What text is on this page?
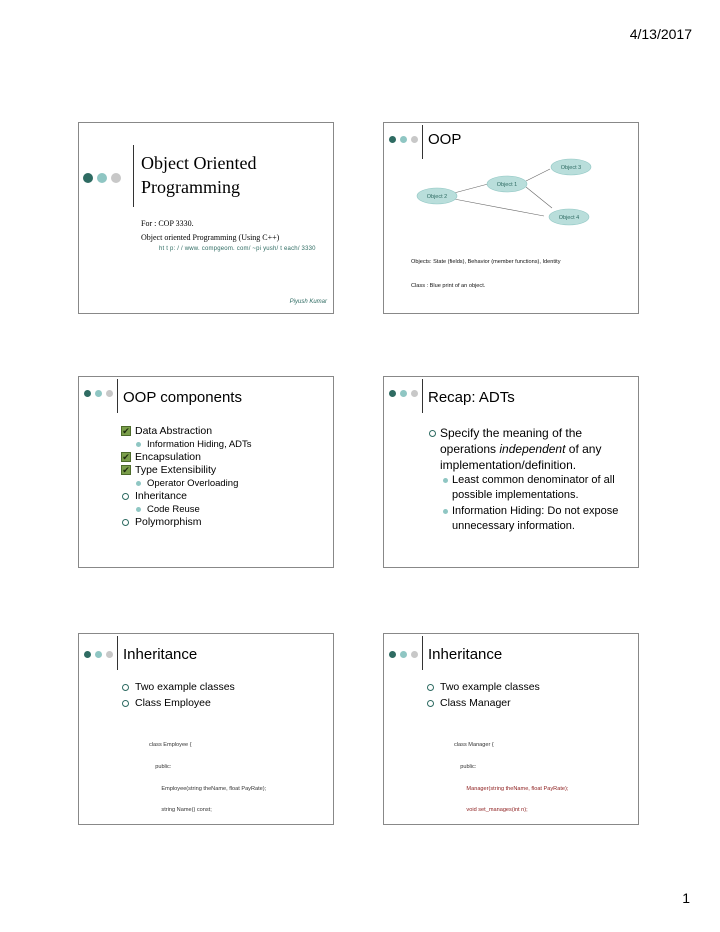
4/13/2017
Object Oriented
Programming
For : COP 3330.
Object oriented Programming (Using C++)
ht t p: / / www. compgeom. com/ ~pi yush/ t each/ 3330
Piyush Kumar
OOP
Object 3
Object 1
Object 2
Object 4

Objects: State (fields), Behavior (member functions), Identity

Class : Blue print of an object.

OOP components
✔ Data Abstraction
Information Hiding, ADTs
✔ Encapsulation
✔ Type Extensibility
Operator Overloading
Inheritance
Code Reuse
Polymorphism
Recap: ADTs
Specify the meaning of the operations independent of any implementation/definition.
Least common denominator of all possible implementations.
Information Hiding: Do not expose unnecessary information.
Inheritance
Two example classes
Class Employee

class Employee {

public:

Employee(string theName, float PayRate);

string Name() const;

Inheritance
Two example classes
Class Manager

class Manager {

public:

Manager(string theName, float PayRate);

void set_manages(int n);

1
